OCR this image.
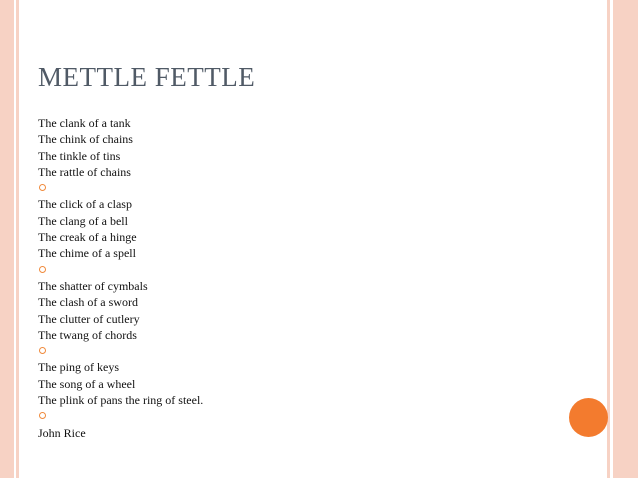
METTLE FETTLE
The clank of a tank
The chink of chains
The tinkle of tins
The rattle of chains
The click of a clasp
The clang of a bell
The creak of a hinge
The chime of a spell
The shatter of cymbals
The clash of a sword
The clutter of cutlery
The twang of chords
The ping of keys
The song of a wheel
The plink of pans the ring of steel.
John Rice
